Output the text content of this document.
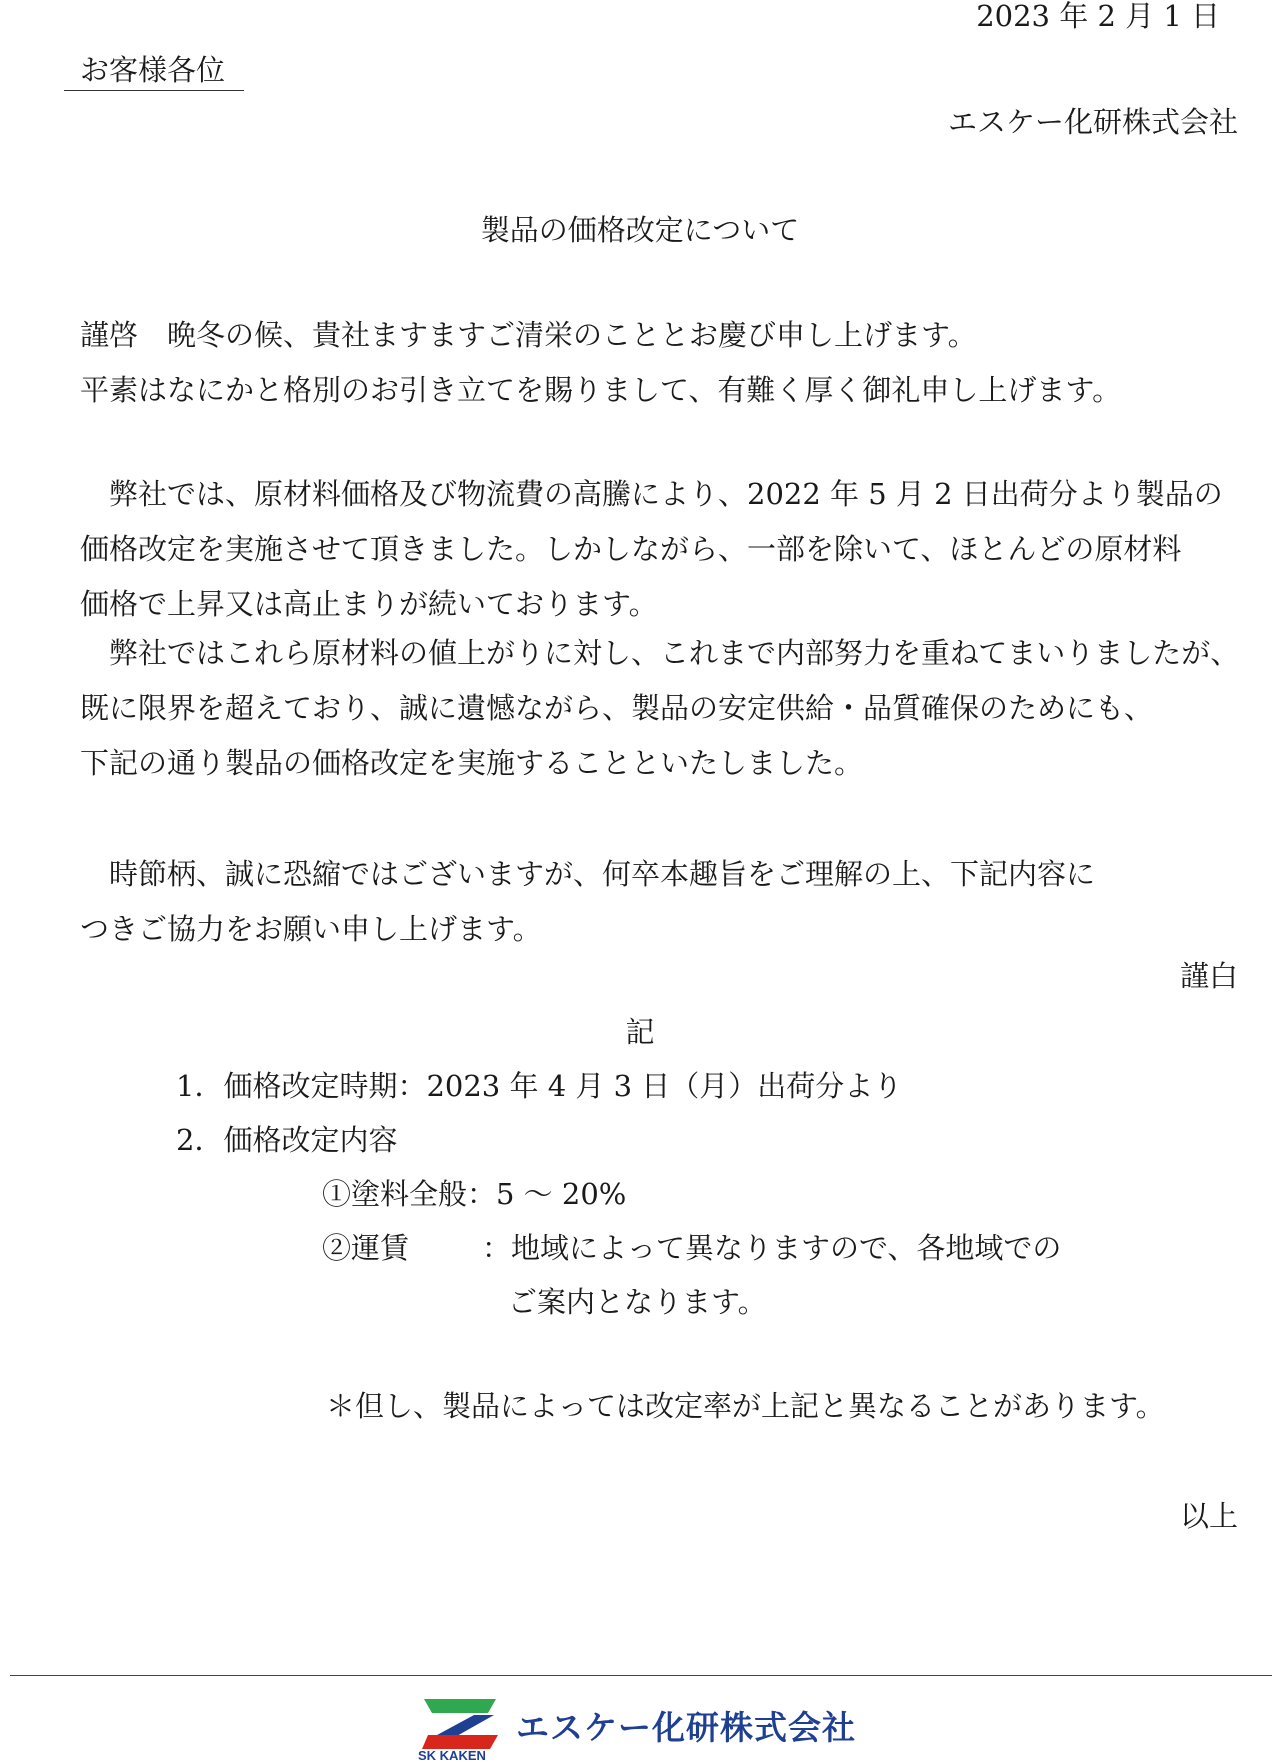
2023 年 2 月 1 日
お客様各位
エスケー化研株式会社
製品の価格改定について
謹啓　晩冬の候、貴社ますますご清栄のこととお慶び申し上げます。
平素はなにかと格別のお引き立てを賜りまして、有難く厚く御礼申し上げます。
　弊社では、原材料価格及び物流費の高騰により、2022 年 5 月 2 日出荷分より製品の
価格改定を実施させて頂きました。しかしながら、一部を除いて、ほとんどの原材料
価格で上昇又は高止まりが続いております。
　弊社ではこれら原材料の値上がりに対し、これまで内部努力を重ねてまいりましたが、
既に限界を超えており、誠に遺憾ながら、製品の安定供給・品質確保のためにも、
下記の通り製品の価格改定を実施することといたしました。
　時節柄、誠に恐縮ではございますが、何卒本趣旨をご理解の上、下記内容に
つきご協力をお願い申し上げます。
謹白
記
1．価格改定時期：2023 年 4 月 3 日（月）出荷分より
2．価格改定内容
①塗料全般：5 〜 20%
②運賃	：地域によって異なりますので、各地域での
ご案内となります。
＊但し、製品によっては改定率が上記と異なることがあります。
以上
SK KAKEN
エスケー化研株式会社
